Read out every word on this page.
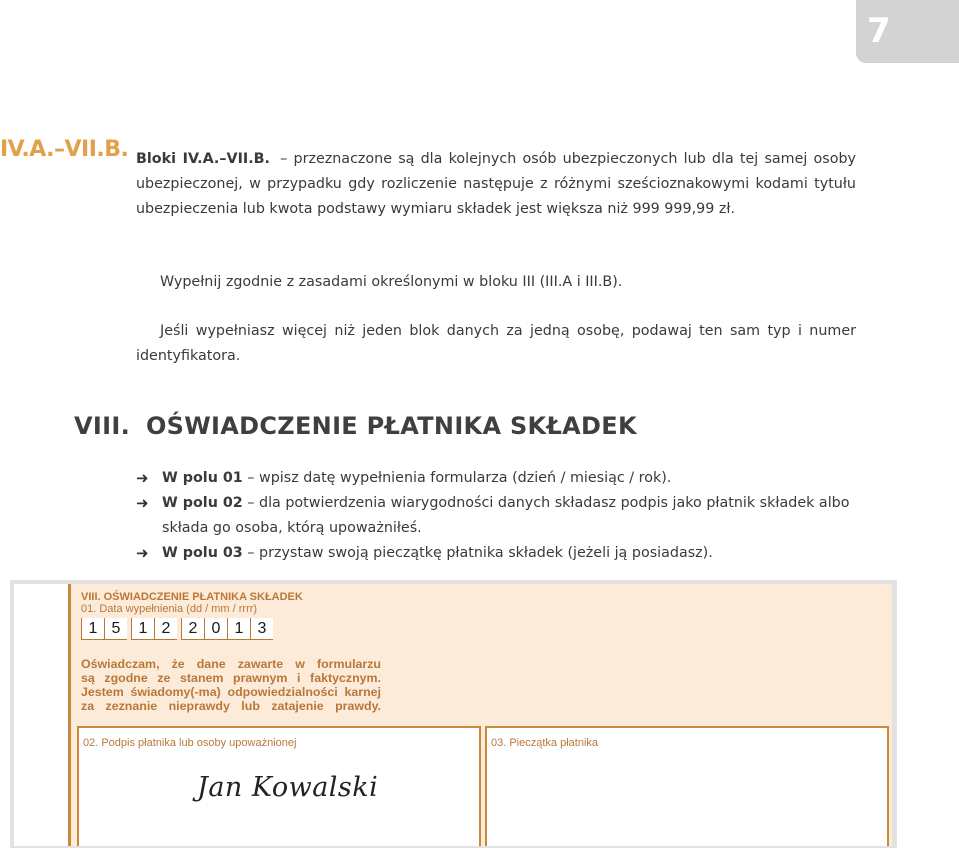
7
IV.A.–VII.B. Bloki IV.A.–VII.B. – przeznaczone są dla kolejnych osób ubezpieczonych lub dla tej samej osoby ubezpieczonej, w przypadku gdy rozliczenie następuje z różnymi sześcioznakowymi kodami tytułu ubezpieczenia lub kwota podstawy wymiaru składek jest większa niż 999 999,99 zł.
Wypełnij zgodnie z zasadami określonymi w bloku III (III.A i III.B).
Jeśli wypełniasz więcej niż jeden blok danych za jedną osobę, podawaj ten sam typ i numer identyfikatora.
VIII. OŚWIADCZENIE PŁATNIKA SKŁADEK
➜ W polu 01 – wpisz datę wypełnienia formularza (dzień / miesiąc / rok).
➜ W polu 02 – dla potwierdzenia wiarygodności danych składasz podpis jako płatnik składek albo składa go osoba, którą upoważniłeś.
➜ W polu 03 – przystaw swoją pieczątkę płatnika składek (jeżeli ją posiadasz).
VIII. OŚWIADCZENIE PŁATNIKA SKŁADEK
01. Data wypełnienia (dd / mm / rrrr)
1 5	1 2	2 0 1 3
Oświadczam, że dane zawarte w formularzu
są zgodne ze stanem prawnym i faktycznym.
Jestem świadomy(-ma) odpowiedzialności karnej
za zeznanie nieprawdy lub zatajenie prawdy.
02. Podpis płatnika lub osoby upoważnionej
Jan Kowalski
03. Pieczątka płatnika
